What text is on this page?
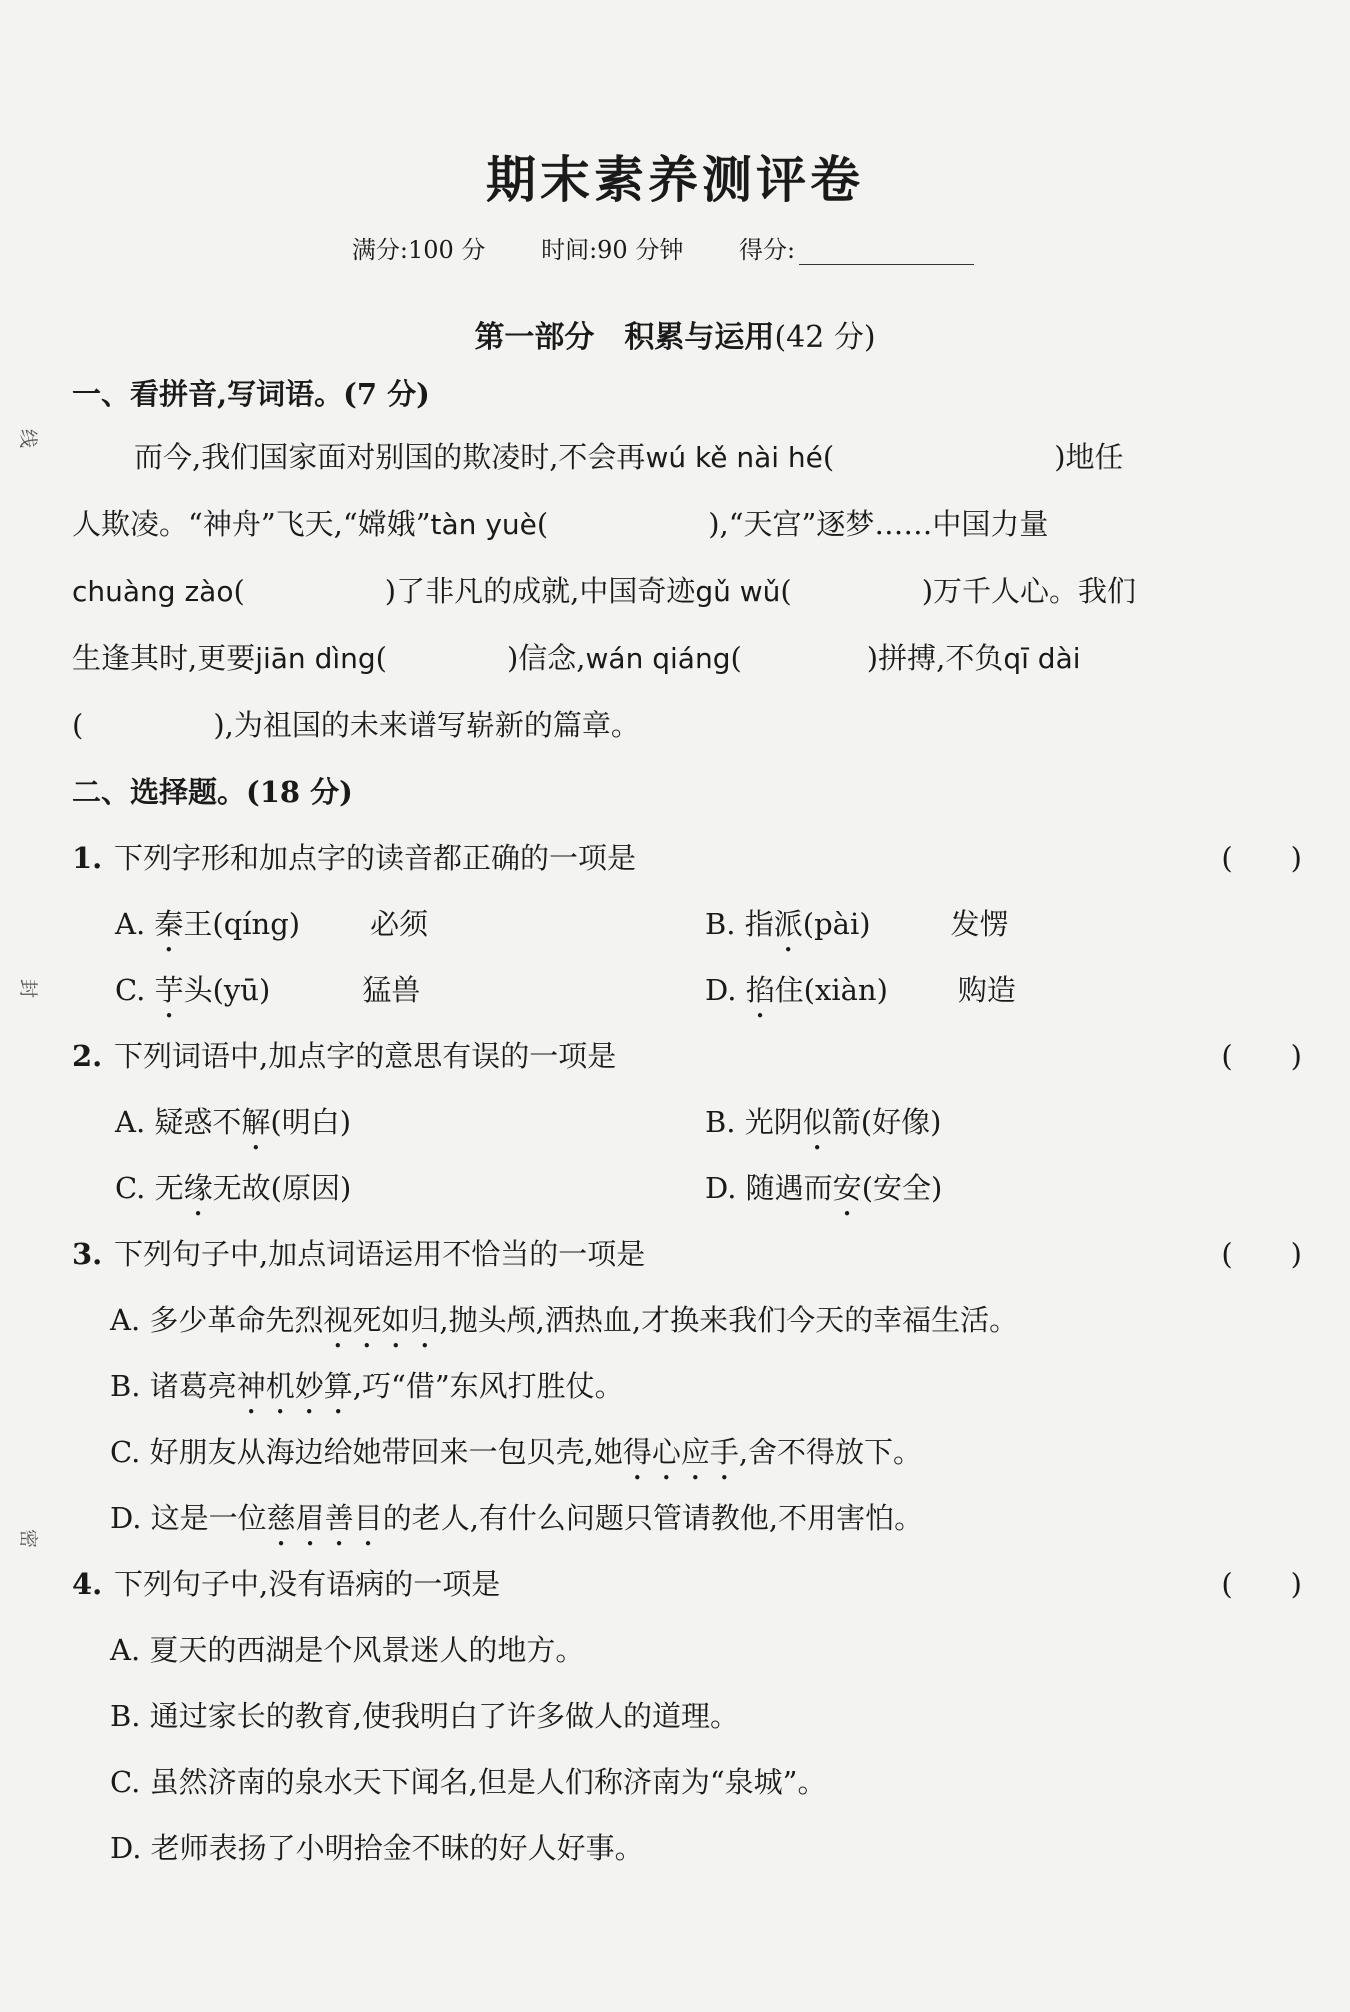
线
封
密
期末素养测评卷
满分:100 分 时间:90 分钟 得分:
第一部分　积累与运用(42 分)
一、看拼音,写词语。(7 分)
而今,我们国家面对别国的欺凌时,不会再wú kě nài hé(	)地任
人欺凌。“神舟”飞天,“嫦娥”tàn yuè(	),“天宫”逐梦……中国力量
chuàng zào(	)了非凡的成就,中国奇迹gǔ wǔ(	)万千人心。我们
生逢其时,更要jiān dìng(	)信念,wán qiáng(	)拼搏,不负qī dài
(	),为祖国的未来谱写崭新的篇章。
二、选择题。(18 分)
1. 下列字形和加点字的读音都正确的一项是	(　　)
A. 秦王(qíng) 必须	B. 指派(pài)	发愣
C. 芋头(yū)	猛兽	D. 掐住(xiàn) 购造
2. 下列词语中,加点字的意思有误的一项是	(　　)
A. 疑惑不解(明白)	B. 光阴似箭(好像)
C. 无缘无故(原因)	D. 随遇而安(安全)
3. 下列句子中,加点词语运用不恰当的一项是	(　　)
A. 多少革命先烈视死如归,抛头颅,洒热血,才换来我们今天的幸福生活。
B. 诸葛亮神机妙算,巧“借”东风打胜仗。
C. 好朋友从海边给她带回来一包贝壳,她得心应手,舍不得放下。
D. 这是一位慈眉善目的老人,有什么问题只管请教他,不用害怕。
4. 下列句子中,没有语病的一项是	(　　)
A. 夏天的西湖是个风景迷人的地方。
B. 通过家长的教育,使我明白了许多做人的道理。
C. 虽然济南的泉水天下闻名,但是人们称济南为“泉城”。
D. 老师表扬了小明拾金不昧的好人好事。
